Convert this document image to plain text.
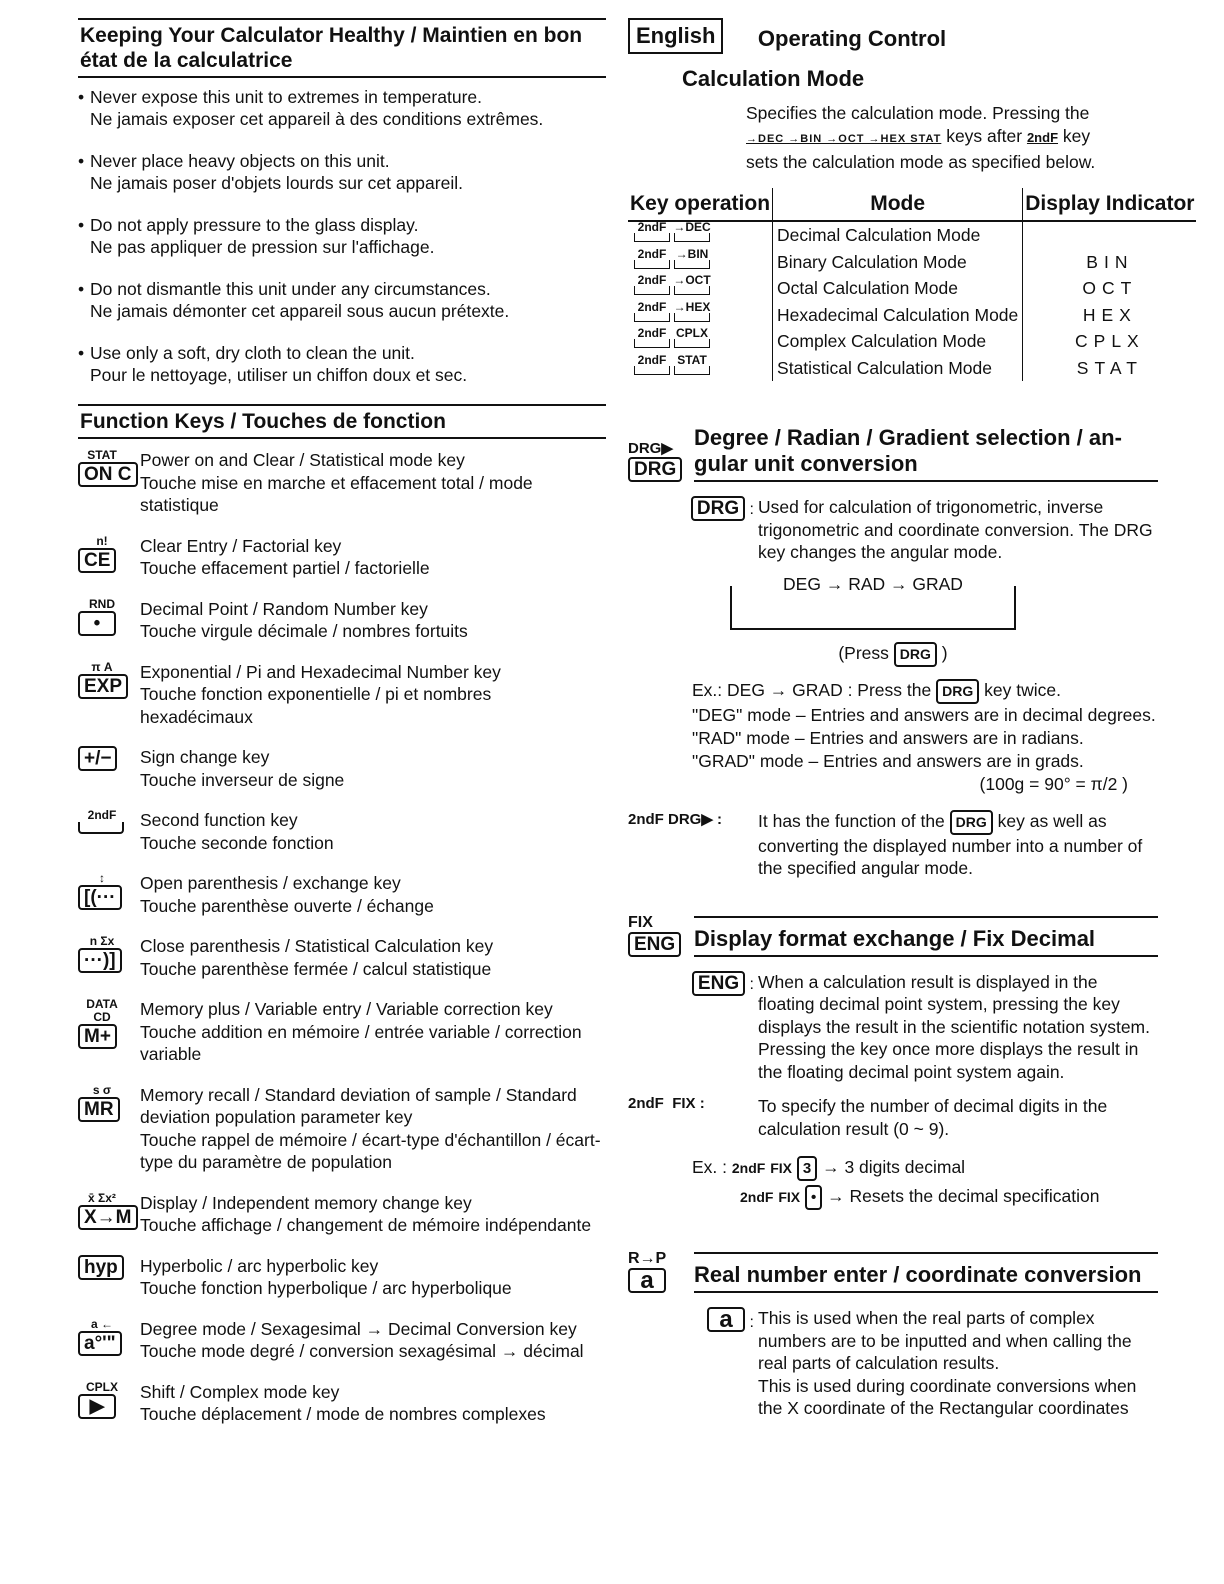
Keeping Your Calculator Healthy / Maintien en bon
état de la calculatrice
• Never expose this unit to extremes in temperature.
Ne jamais exposer cet appareil à des conditions extrêmes.
• Never place heavy objects on this unit.
Ne jamais poser d'objets lourds sur cet appareil.
• Do not apply pressure to the glass display.
Ne pas appliquer de pression sur l'affichage.
• Do not dismantle this unit under any circumstances.
Ne jamais démonter cet appareil sous aucun prétexte.
• Use only a soft, dry cloth to clean the unit.
Pour le nettoyage, utiliser un chiffon doux et sec.
Function Keys / Touches de fonction
STAT
ON C
Power on and Clear / Statistical mode key
Touche mise en marche et effacement total / mode statistique
n!
CE
Clear Entry / Factorial key
Touche effacement partiel / factorielle
RND
•
Decimal Point / Random Number key
Touche virgule décimale / nombres fortuits
π A
EXP
Exponential / Pi and Hexadecimal Number key
Touche fonction exponentielle / pi et nombres hexadécimaux
+/−	Sign change key
Touche inverseur de signe
2ndF	Second function key
Touche seconde fonction
↕
[(···
Open parenthesis / exchange key
Touche parenthèse ouverte / échange
n Σx
···)]
Close parenthesis / Statistical Calculation key
Touche parenthèse fermée / calcul statistique
DATA CD
M+
Memory plus / Variable entry / Variable correction key
Touche addition en mémoire / entrée variable / correction variable
s σ
MR
Memory recall / Standard deviation of sample / Standard deviation population parameter key
Touche rappel de mémoire / écart-type d'échantillon / écart-type du paramètre de population
x̄ Σx²
X→M
Display / Independent memory change key
Touche affichage / changement de mémoire indépendante
hyp	Hyperbolic / arc hyperbolic key
Touche fonction hyperbolique / arc hyperbolique
a ←
a°'"
Degree mode / Sexagesimal → Decimal Conversion key
Touche mode degré / conversion sexagésimal → décimal
CPLX
▶
Shift / Complex mode key
Touche déplacement / mode de nombres complexes
English Operating Control
Calculation Mode
Specifies the calculation mode. Pressing the
→DEC →BIN →OCT →HEX STAT keys after 2ndF key
sets the calculation mode as specified below.
Key operation	Mode	Display Indicator
2ndF →DEC	Decimal Calculation Mode	
2ndF →BIN	Binary Calculation Mode	BIN
2ndF →OCT	Octal Calculation Mode	OCT
2ndF →HEX	Hexadecimal Calculation Mode	HEX
2ndF CPLX	Complex Calculation Mode	CPLX
2ndF STAT	Statistical Calculation Mode	STAT
DRG▶
DRG
Degree / Radian / Gradient selection / an-
gular unit conversion
DRG : Used for calculation of trigonometric, inverse trigonometric and coordinate conversion. The DRG key changes the angular mode.
DEG → RAD → GRAD
(Press DRG )
Ex.: DEG → GRAD : Press the DRG key twice.
"DEG" mode – Entries and answers are in decimal degrees.
"RAD" mode – Entries and answers are in radians.
"GRAD" mode – Entries and answers are in grads.
(100g = 90° = π/2 )
2ndF DRG▶ :	It has the function of the DRG key as well as converting the displayed number into a number of the specified angular mode.
FIX
ENG Display format exchange / Fix Decimal
ENG : When a calculation result is displayed in the floating decimal point system, pressing the key displays the result in the scientific notation system. Pressing the key once more displays the result in the floating decimal point system again.
2ndF FIX :	To specify the number of decimal digits in the calculation result (0 ~ 9).
Ex. : 2ndF FIX 3 → 3 digits decimal
2ndF FIX • → Resets the decimal specification
R→P
a	Real number enter / coordinate conversion
a : This is used when the real parts of complex numbers are to be inputted and when calling the real parts of calculation results.
This is used during coordinate conversions when the X coordinate of the Rectangular coordinates
